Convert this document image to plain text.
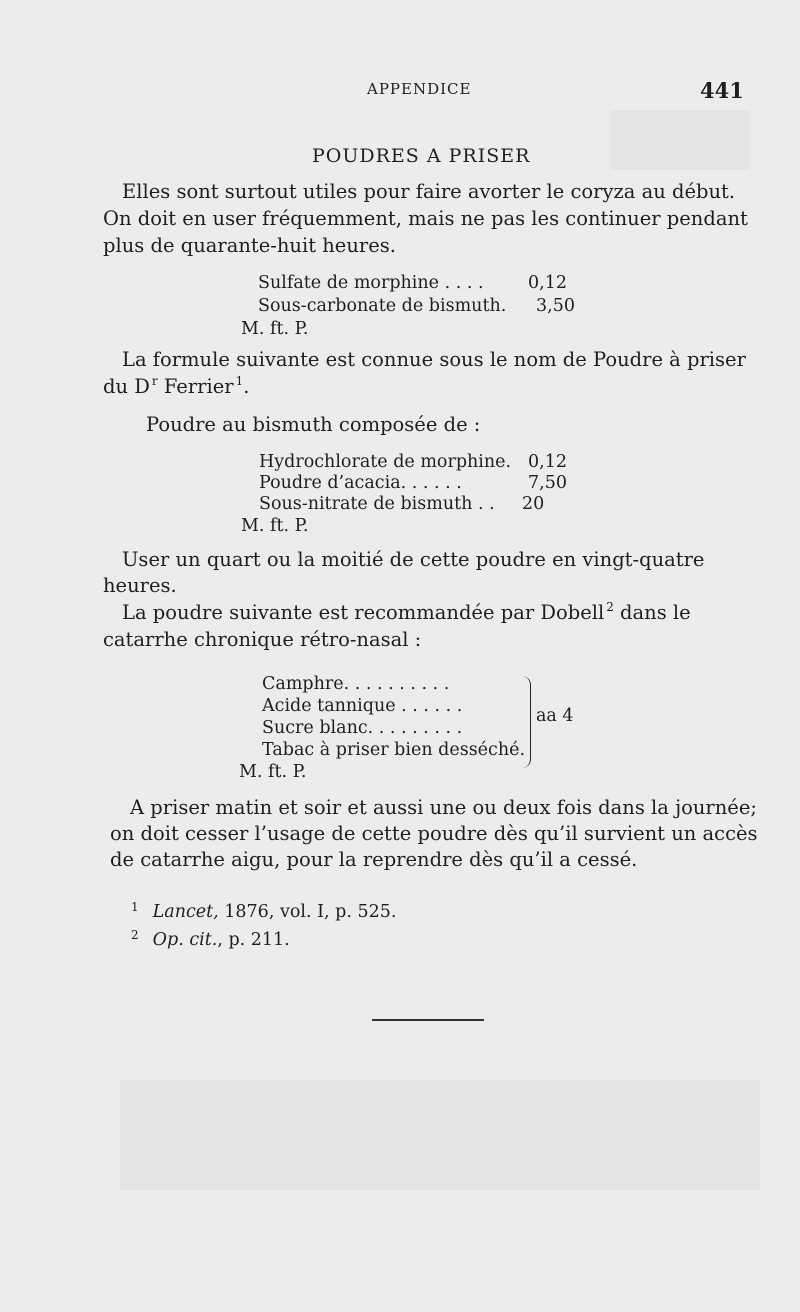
APPENDICE	441
POUDRES A PRISER
Elles sont surtout utiles pour faire avorter le coryza au début.
On doit en user fréquemment, mais ne pas les continuer pendant
plus de quarante-huit heures.
Sulfate de morphine . . . .	0,12
Sous-carbonate de bismuth. 3,50
M. ft. P.
La formule suivante est connue sous le nom de Poudre à priser
du D $^r$ Ferrier $^1$.
Poudre au bismuth composée de :
Hydrochlorate de morphine. 0,12
Poudre d’acacia. . . . . .	7,50
Sous-nitrate de bismuth . . 20
M. ft. P.
User un quart ou la moitié de cette poudre en vingt-quatre
heures.
La poudre suivante est recommandée par Dobell $^2$ dans le
catarrhe chronique rétro-nasal :
Camphre. . . . . . . . . .
Acide tannique . . . . . .
Sucre blanc. . . . . . . . .
Tabac à priser bien desséché.
aa 4
M. ft. P.
A priser matin et soir et aussi une ou deux fois dans la journée;
on doit cesser l’usage de cette poudre dès qu’il survient un accès
de catarrhe aigu, pour la reprendre dès qu’il a cessé.
$^1$ Lancet, 1876, vol. I, p. 525.
$^2$ Op. cit., p. 211.
